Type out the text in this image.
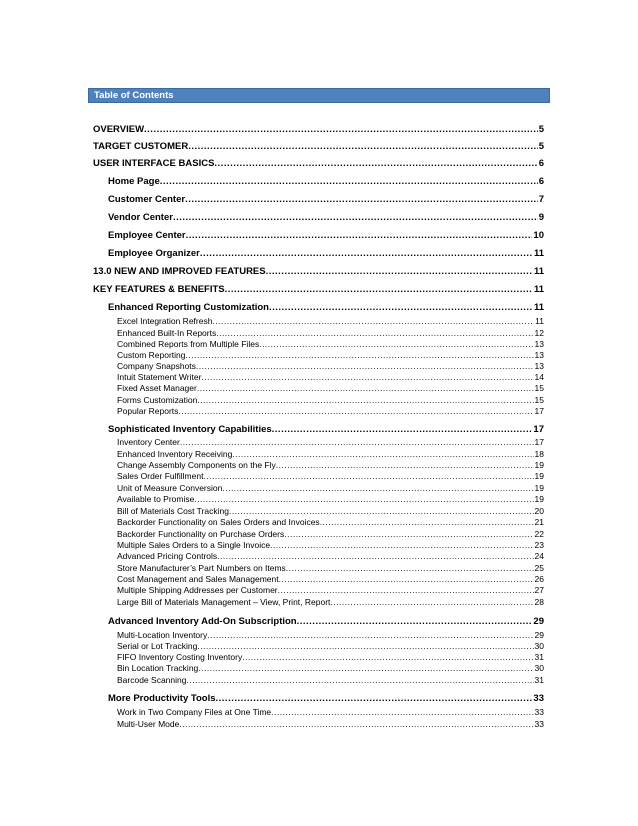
Table of Contents
OVERVIEW .....	5
TARGET CUSTOMER .....	5
USER INTERFACE BASICS .....	6
Home Page .....	6
Customer Center .....	7
Vendor Center .....	9
Employee Center .....	10
Employee Organizer .....	11
13.0 NEW AND IMPROVED FEATURES .....	11
KEY FEATURES & BENEFITS .....	11
Enhanced Reporting Customization .....	11
Excel Integration Refresh .....	11
Enhanced Built-In Reports .....	12
Combined Reports from Multiple Files .....	13
Custom Reporting .....	13
Company Snapshots .....	13
Intuit Statement Writer .....	14
Fixed Asset Manager .....	15
Forms Customization .....	15
Popular Reports .....	17
Sophisticated Inventory Capabilities .....	17
Inventory Center .....	17
Enhanced Inventory Receiving .....	18
Change Assembly Components on the Fly .....	19
Sales Order Fulfillment .....	19
Unit of Measure Conversion .....	19
Available to Promise .....	19
Bill of Materials Cost Tracking .....	20
Backorder Functionality on Sales Orders and Invoices .....	21
Backorder Functionality on Purchase Orders .....	22
Multiple Sales Orders to a Single Invoice .....	23
Advanced Pricing Controls .....	24
Store Manufacturer’s Part Numbers on Items .....	25
Cost Management and Sales Management .....	26
Multiple Shipping Addresses per Customer .....	27
Large Bill of Materials Management – View, Print, Report .....	28
Advanced Inventory Add-On Subscription .....	29
Multi-Location Inventory .....	29
Serial or Lot Tracking .....	30
FIFO Inventory Costing Inventory .....	31
Bin Location Tracking .....	30
Barcode Scanning .....	31
More Productivity Tools .....	33
Work in Two Company Files at One Time .....	33
Multi-User Mode .....	33
